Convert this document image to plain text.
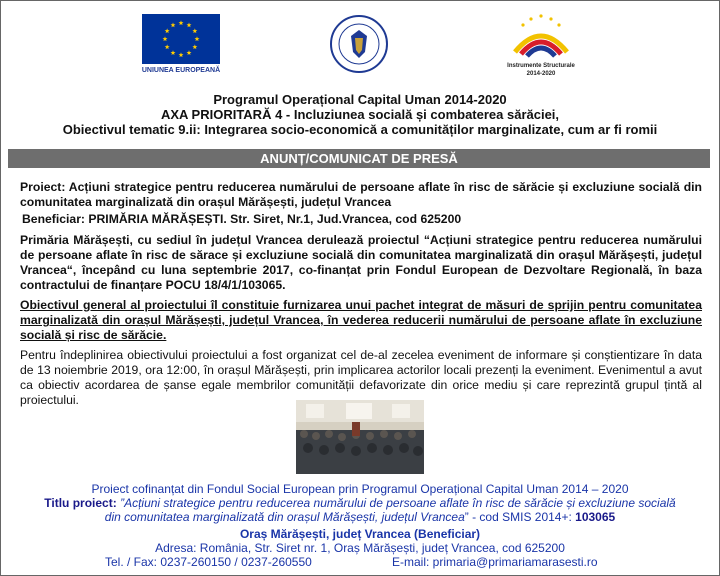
UNIUNEA EUROPEANĂ
Instrumente Structurale
2014-2020
Programul Operațional Capital Uman 2014-2020
AXA PRIORITARĂ 4 - Incluziunea socială și combaterea sărăciei,
Obiectivul tematic 9.ii: Integrarea socio-economică a comunităților marginalizate, cum ar fi romii
ANUNȚ/COMUNICAT DE PRESĂ
Proiect: Acțiuni strategice pentru reducerea numărului de persoane aflate în risc de sărăcie și excluziune socială din comunitatea marginalizată din orașul Mărășești, județul Vrancea
Beneficiar: PRIMĂRIA MĂRĂȘEȘTI. Str. Siret, Nr.1, Jud.Vrancea, cod 625200
Primăria Mărășești, cu sediul în județul Vrancea derulează proiectul “Acțiuni strategice pentru reducerea numărului de persoane aflate în risc de sărace și excluziune socială din comunitatea marginalizată din orașul Mărășești, județul Vrancea“, începând cu luna septembrie 2017, co-finanțat prin Fondul European de Dezvoltare Regională, în baza contractului de finanțare POCU 18/4/1/103065.
Obiectivul general al proiectului îl constituie furnizarea unui pachet integrat de măsuri de sprijin pentru comunitatea marginalizată din orașul Mărășești, județul Vrancea, în vederea reducerii numărului de persoane aflate în excluziune socială și risc de sărăcie.
Pentru îndeplinirea obiectivului proiectului a fost organizat cel de-al zecelea eveniment de informare și conștientizare în data de 13 noiembrie 2019, ora 12:00, în orașul Mărășești, prin implicarea actorilor locali prezenți la eveniment. Evenimentul a avut ca obiectiv acordarea de șanse egale membrilor comunității defavorizate din orice mediu și care reprezintă grupul țintă al proiectului.
Proiect cofinanțat din Fondul Social European prin Programul Operațional Capital Uman 2014 – 2020
Titlu proiect: ”Acțiuni strategice pentru reducerea numărului de persoane aflate în risc de sărăcie și excluziune socială din comunitatea marginalizată din orașul Mărășești, județul Vrancea” - cod SMIS 2014+: 103065
Oraș Mărășești, județ Vrancea (Beneficiar)
Adresa: România, Str. Siret nr. 1, Oraș Mărășești, județ Vrancea, cod 625200
Tel. / Fax: 0237-260150 / 0237-260550	E-mail: primaria@primariamarasesti.ro
